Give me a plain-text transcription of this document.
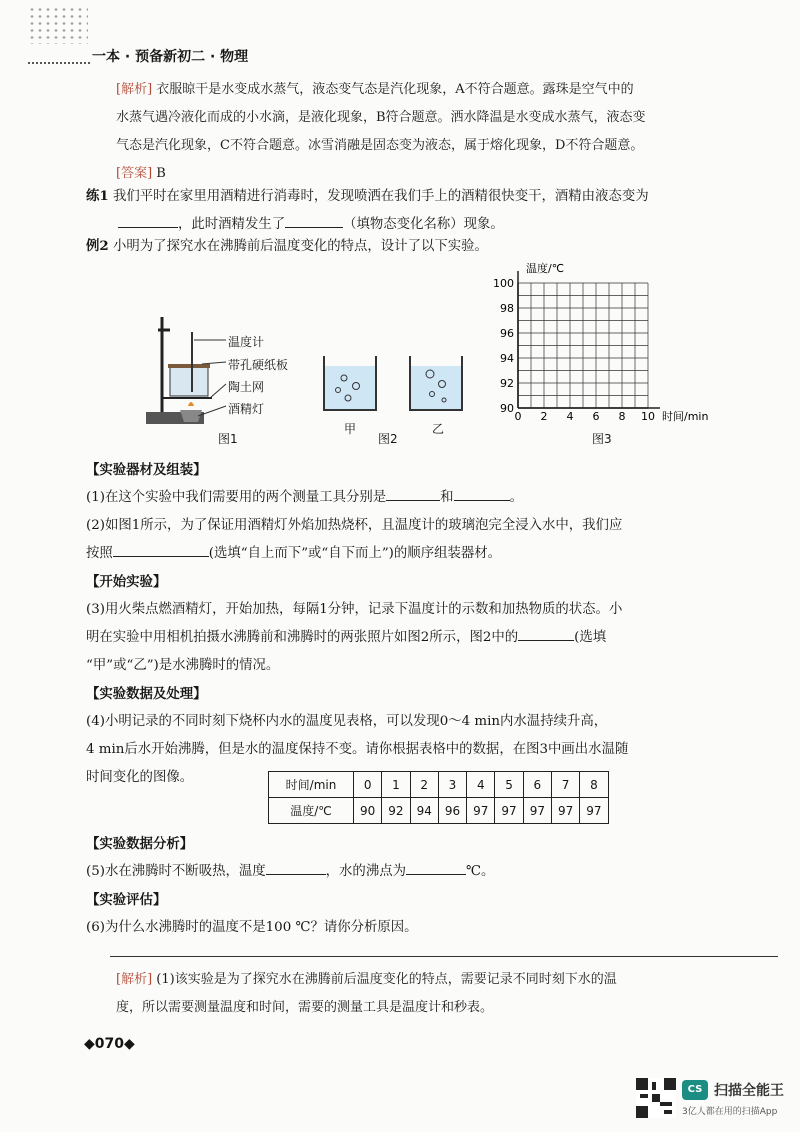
一本 · 预备新初二 · 物理
[解析] 衣服晾干是水变成水蒸气，液态变气态是汽化现象，A不符合题意。露珠是空气中的
水蒸气遇冷液化而成的小水滴，是液化现象，B符合题意。洒水降温是水变成水蒸气，液态变
气态是汽化现象，C不符合题意。冰雪消融是固态变为液态，属于熔化现象，D不符合题意。
[答案] B
练1 我们平时在家里用酒精进行消毒时，发现喷洒在我们手上的酒精很快变干，酒精由液态变为
，此时酒精发生了	（填物态变化名称）现象。
例2 小明为了探究水在沸腾前后温度变化的特点，设计了以下实验。
温度计
带孔硬纸板
陶土网
酒精灯
图1
甲
图2
乙
100
98
96
94
92
90
0 2 4 6 8 10
温度/℃
时间/min
图3
【实验器材及组装】
(1)在这个实验中我们需要用的两个测量工具分别是	和	。
(2)如图1所示，为了保证用酒精灯外焰加热烧杯，且温度计的玻璃泡完全浸入水中，我们应
按照	(选填“自上而下”或“自下而上”)的顺序组装器材。
【开始实验】
(3)用火柴点燃酒精灯，开始加热，每隔1分钟，记录下温度计的示数和加热物质的状态。小
明在实验中用相机拍摄水沸腾前和沸腾时的两张照片如图2所示，图2中的	(选填
“甲”或“乙”)是水沸腾时的情况。
【实验数据及处理】
(4)小明记录的不同时刻下烧杯内水的温度见表格，可以发现0～4 min内水温持续升高，
4 min后水开始沸腾，但是水的温度保持不变。请你根据表格中的数据，在图3中画出水温随
时间变化的图像。	时间/min	0	1	2	3	4	5	6	7	8
温度/℃	90	92	94	96	97	97	97	97	97
【实验数据分析】
(5)水在沸腾时不断吸热，温度	，水的沸点为	℃。
【实验评估】
(6)为什么水沸腾时的温度不是100 ℃？请你分析原因。
[解析] (1)该实验是为了探究水在沸腾前后温度变化的特点，需要记录不同时刻下水的温
度，所以需要测量温度和时间，需要的测量工具是温度计和秒表。
◆070◆
CS 扫描全能王
3亿人都在用的扫描App
